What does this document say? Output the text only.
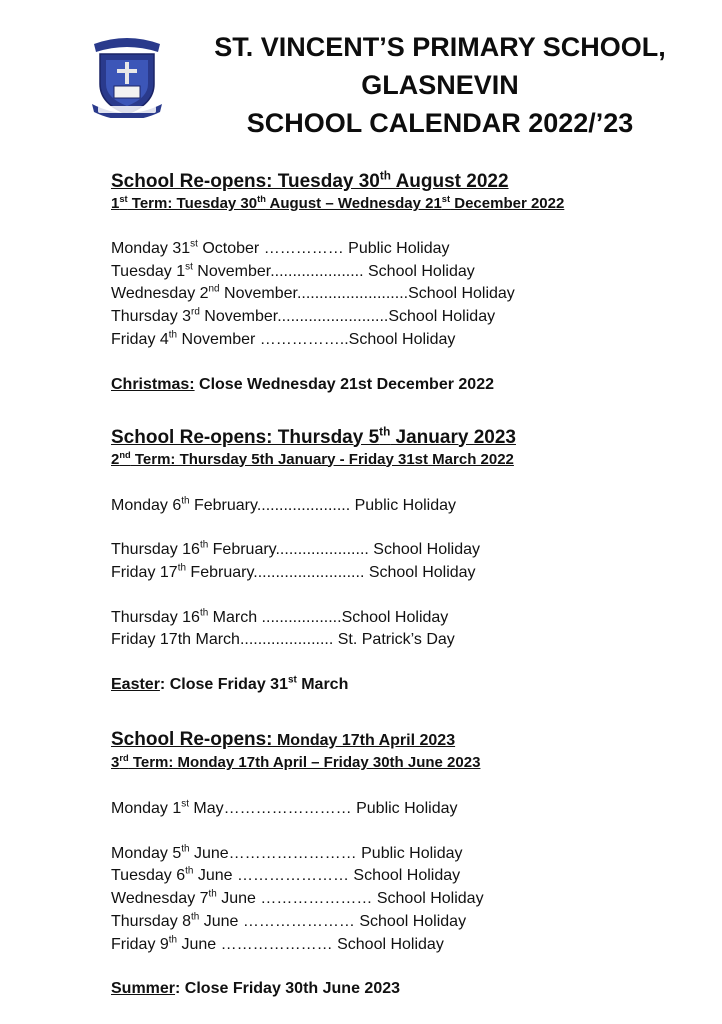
ST. VINCENT’S PRIMARY SCHOOL,
GLASNEVIN
SCHOOL CALENDAR 2022/’23
School Re-opens: Tuesday 30th August 2022
1st Term: Tuesday 30th August – Wednesday 21st December 2022
Monday 31st October …………… Public Holiday
Tuesday 1st November..................... School Holiday
Wednesday 2nd November.........................School Holiday
Thursday 3rd November.........................School Holiday
Friday 4th November ……………..School Holiday
Christmas: Close Wednesday 21st December 2022
School Re-opens: Thursday 5th January 2023
2nd Term: Thursday 5th January - Friday 31st March 2022
Monday 6th February..................... Public Holiday
Thursday 16th February..................... School Holiday
Friday 17th February......................... School Holiday
Thursday 16th March ..................School Holiday
Friday 17th March..................... St. Patrick’s Day
Easter: Close Friday 31st March
School Re-opens: Monday 17th April 2023
3rd Term: Monday 17th April – Friday 30th June 2023
Monday 1st May…………………… Public Holiday
Monday 5th June…………………… Public Holiday
Tuesday 6th June ………………… School Holiday
Wednesday 7th June ………………… School Holiday
Thursday 8th June ………………… School Holiday
Friday 9th June ………………… School Holiday
Summer: Close Friday 30th June 2023
